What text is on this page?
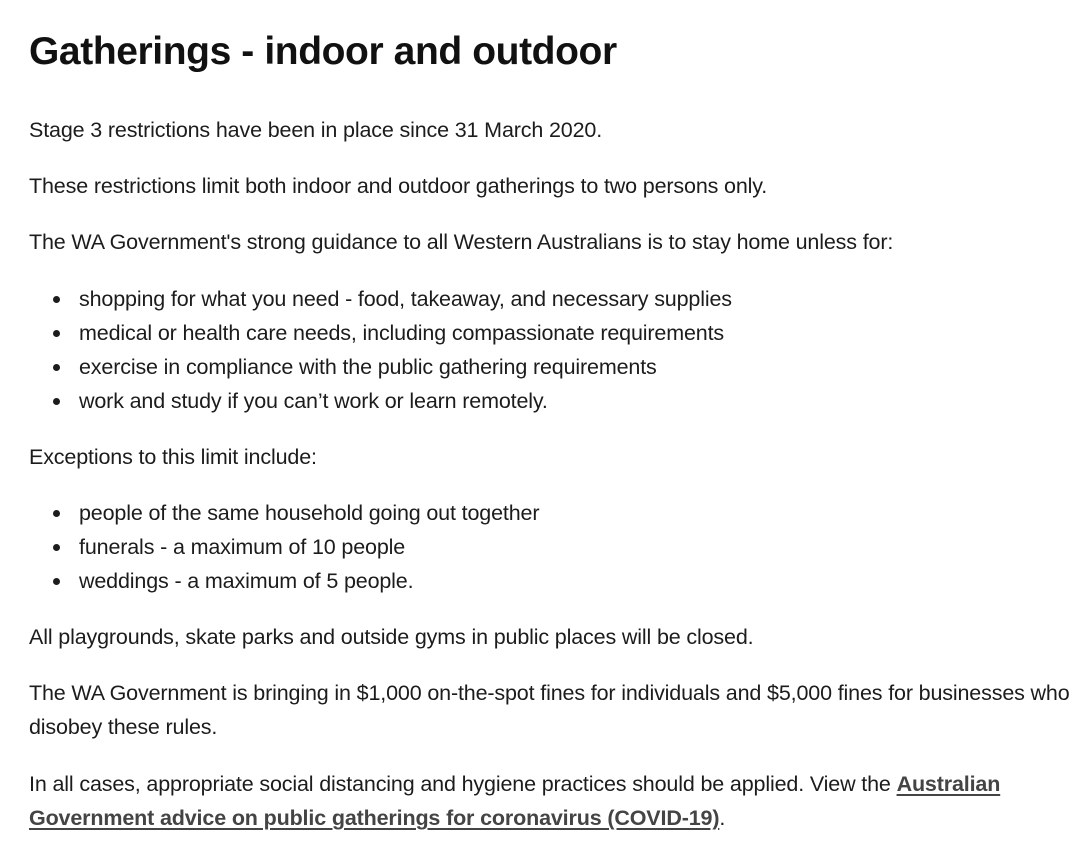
Gatherings - indoor and outdoor

Stage 3 restrictions have been in place since 31 March 2020.

These restrictions limit both indoor and outdoor gatherings to two persons only.

The WA Government's strong guidance to all Western Australians is to stay home unless for:

shopping for what you need - food, takeaway, and necessary supplies
medical or health care needs, including compassionate requirements
exercise in compliance with the public gathering requirements
work and study if you can’t work or learn remotely.

Exceptions to this limit include:

people of the same household going out together
funerals - a maximum of 10 people
weddings - a maximum of 5 people.

All playgrounds, skate parks and outside gyms in public places will be closed.

The WA Government is bringing in $1,000 on-the-spot fines for individuals and $5,000 fines for businesses who disobey these rules.

In all cases, appropriate social distancing and hygiene practices should be applied. View the Australian Government advice on public gatherings for coronavirus (COVID-19).
